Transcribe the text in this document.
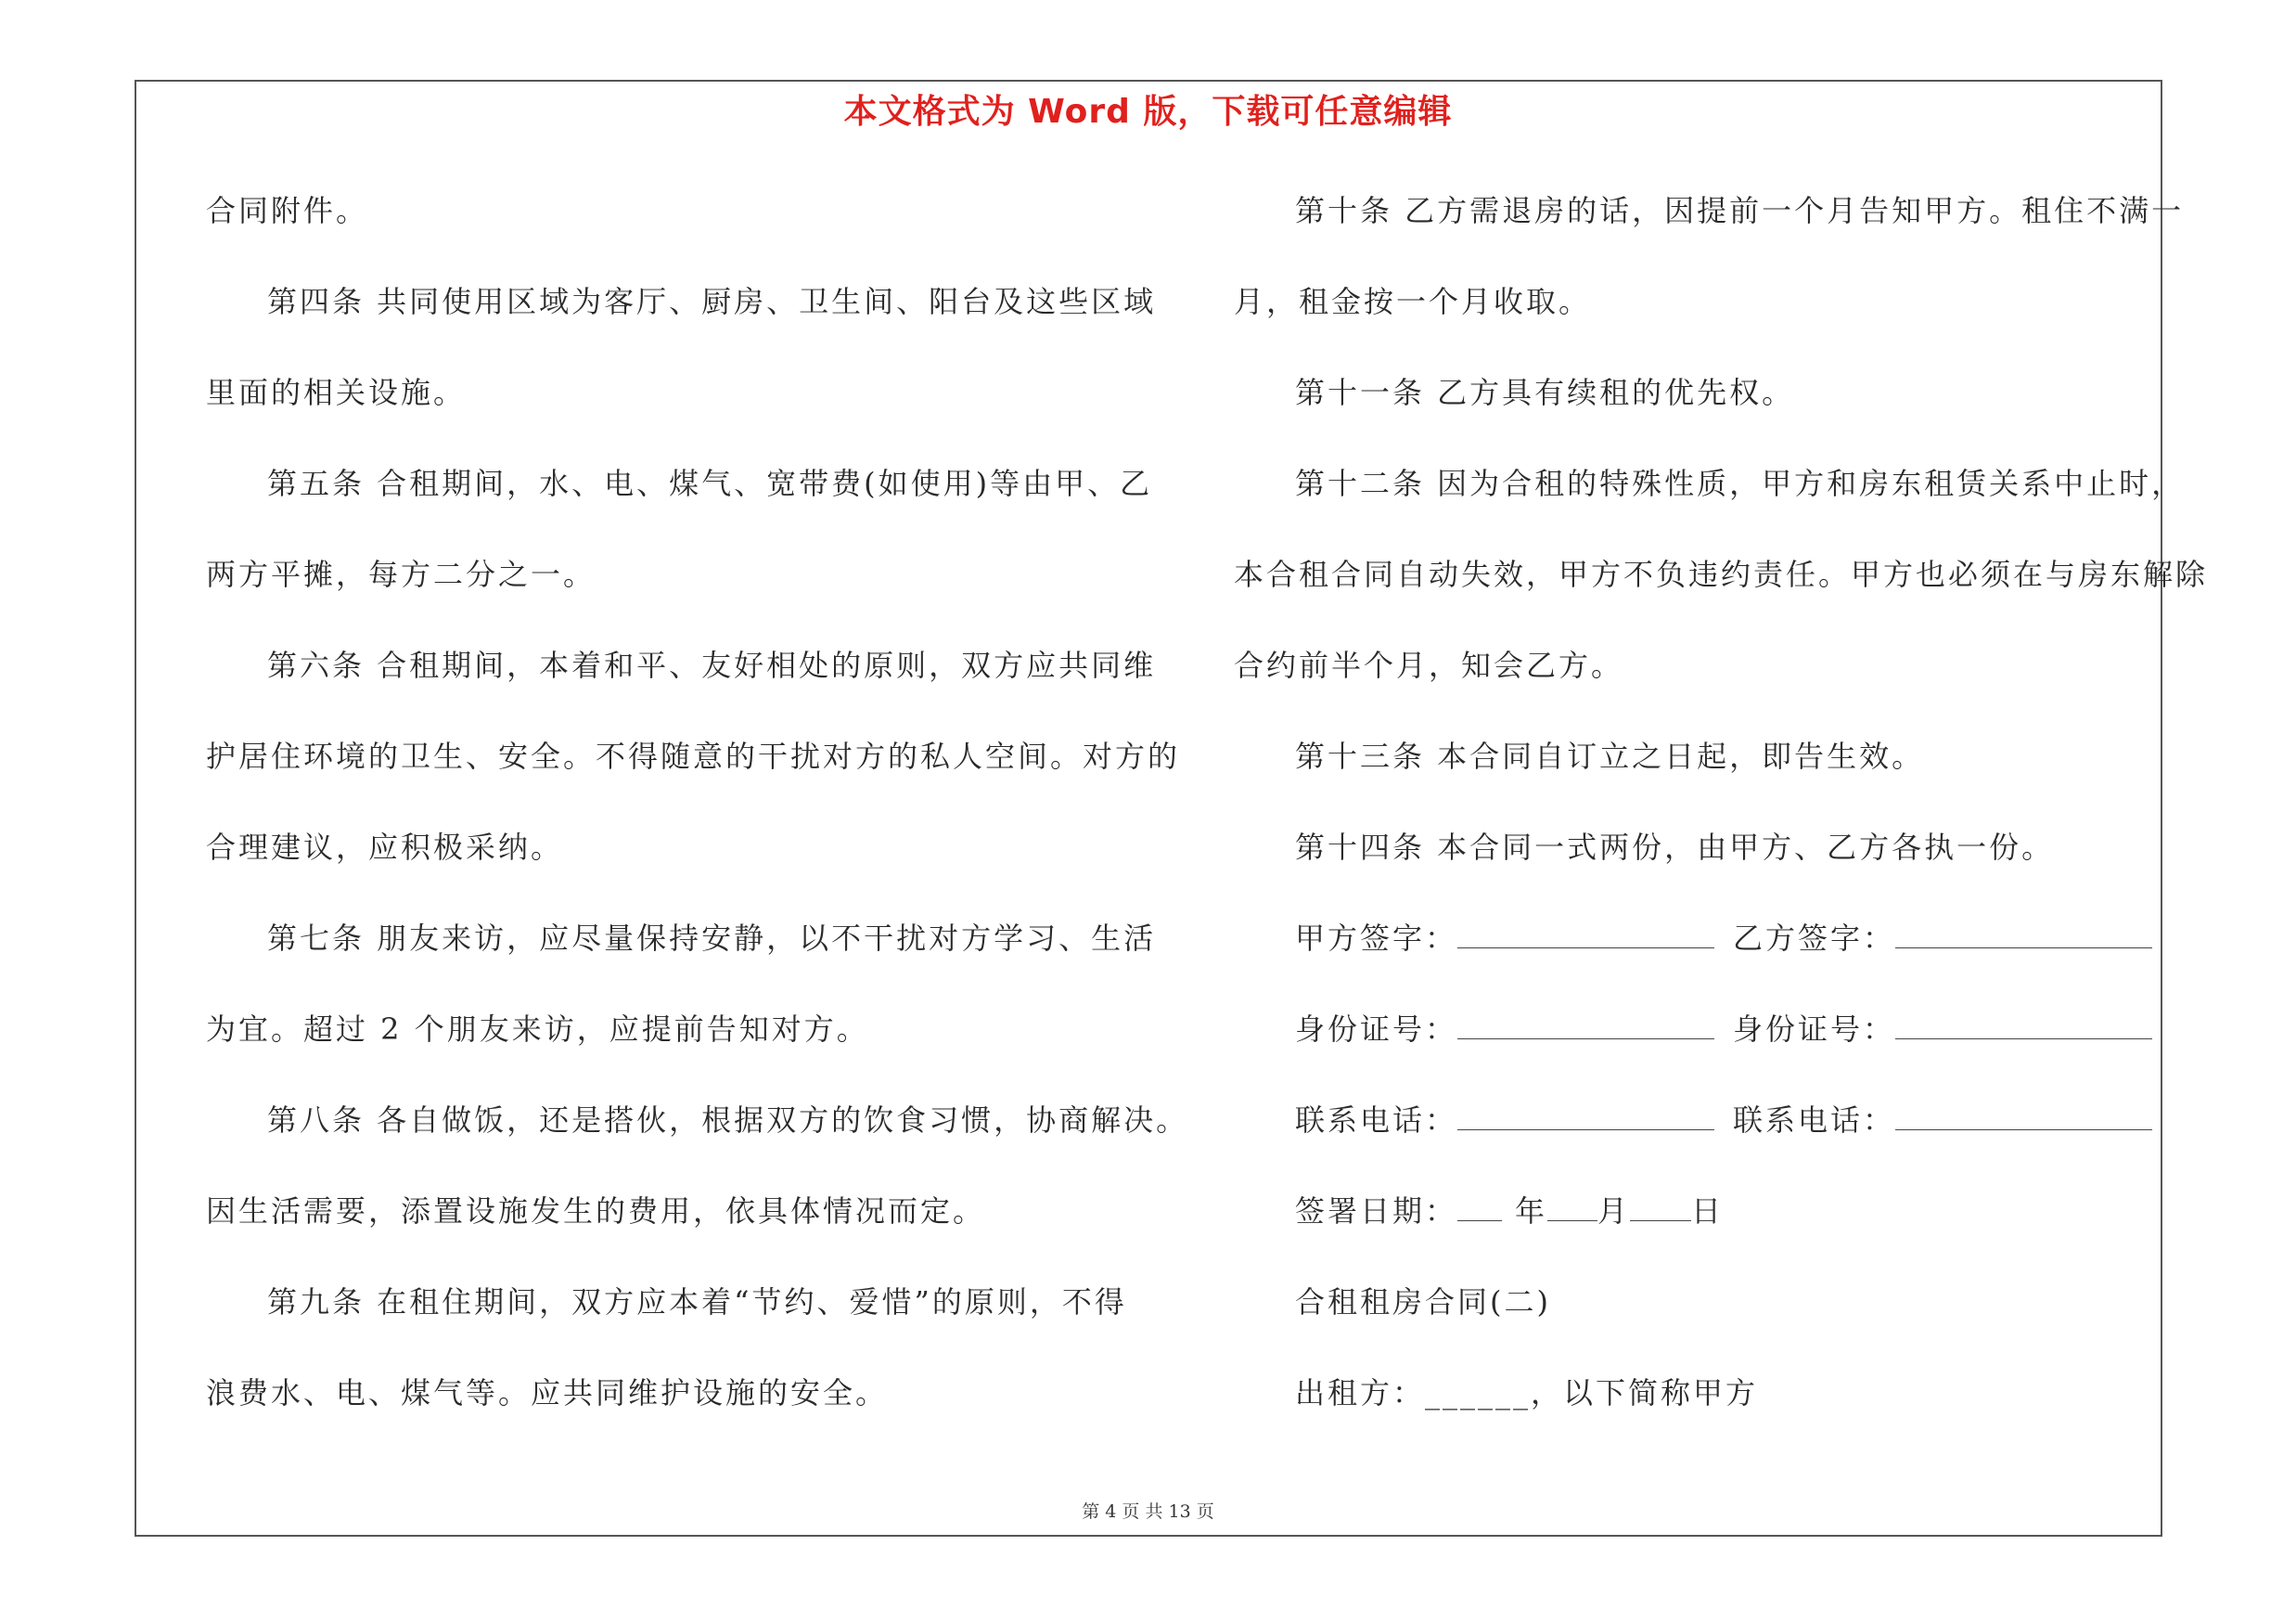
本文格式为 Word 版，下载可任意编辑
合同附件。
第四条 共同使用区域为客厅、厨房、卫生间、阳台及这些区域
里面的相关设施。
第五条 合租期间，水、电、煤气、宽带费(如使用)等由甲、乙
两方平摊，每方二分之一。
第六条 合租期间，本着和平、友好相处的原则，双方应共同维
护居住环境的卫生、安全。不得随意的干扰对方的私人空间。对方的
合理建议，应积极采纳。
第七条 朋友来访，应尽量保持安静，以不干扰对方学习、生活
为宜。超过 2 个朋友来访，应提前告知对方。
第八条 各自做饭，还是搭伙，根据双方的饮食习惯，协商解决。
因生活需要，添置设施发生的费用，依具体情况而定。
第九条 在租住期间，双方应本着“节约、爱惜”的原则，不得
浪费水、电、煤气等。应共同维护设施的安全。
第十条 乙方需退房的话，因提前一个月告知甲方。租住不满一
月，租金按一个月收取。
第十一条 乙方具有续租的优先权。
第十二条 因为合租的特殊性质，甲方和房东租赁关系中止时，
本合租合同自动失效，甲方不负违约责任。甲方也必须在与房东解除
合约前半个月，知会乙方。
第十三条 本合同自订立之日起，即告生效。
第十四条 本合同一式两份，由甲方、乙方各执一份。
甲方签字：	乙方签字：
身份证号：	身份证号：
联系电话：	联系电话：
签署日期： 年 月 日
合租租房合同(二)
出租方：______，以下简称甲方
第 4 页 共 13 页
